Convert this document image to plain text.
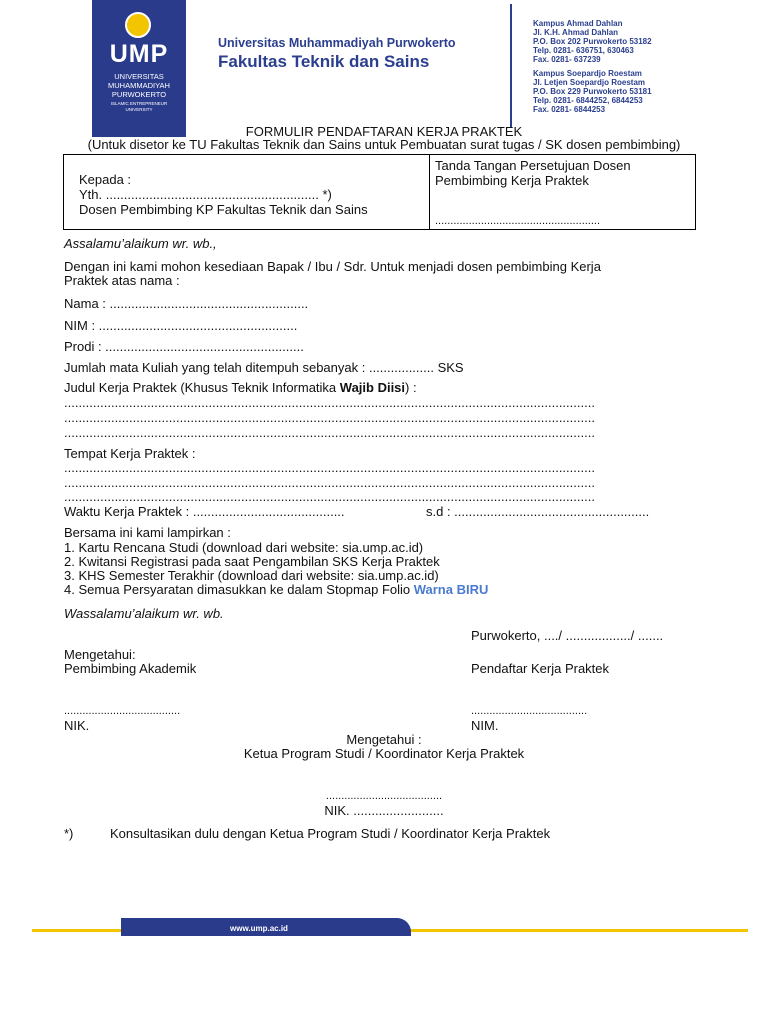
UMP
UNIVERSITAS
MUHAMMADIYAH
PURWOKERTO
ISLAMIC ENTREPRENEUR
UNIVERSITY
Universitas Muhammadiyah Purwokerto
Fakultas Teknik dan Sains
Kampus Ahmad Dahlan
Jl. K.H. Ahmad Dahlan
P.O. Box 202 Purwokerto 53182
Telp. 0281- 636751, 630463
Fax. 0281- 637239
Kampus Soepardjo Roestam
Jl. Letjen Soepardjo Roestam
P.O. Box 229 Purwokerto 53181
Telp. 0281- 6844252, 6844253
Fax. 0281- 6844253
FORMULIR PENDAFTARAN KERJA PRAKTEK
(Untuk disetor ke TU Fakultas Teknik dan Sains untuk Pembuatan surat tugas / SK dosen pembimbing)
Kepada :
Yth. ........................................................... *)
Dosen Pembimbing KP Fakultas Teknik dan Sains
Tanda Tangan Persetujuan Dosen
Pembimbing Kerja Praktek
......................................................
Assalamu’alaikum wr. wb.,
Dengan ini kami mohon kesediaan Bapak / Ibu / Sdr. Untuk menjadi dosen pembimbing Kerja
Praktek atas nama :
Nama : .......................................................
NIM : .......................................................
Prodi : .......................................................
Jumlah mata Kuliah yang telah ditempuh sebanyak : .................. SKS
Judul Kerja Praktek (Khusus Teknik Informatika Wajib Diisi) :
...................................................................................................................................................
...................................................................................................................................................
...................................................................................................................................................
Tempat Kerja Praktek :
...................................................................................................................................................
...................................................................................................................................................
...................................................................................................................................................
Waktu Kerja Praktek : ..........................................	s.d : ......................................................
Bersama ini kami lampirkan :
1. Kartu Rencana Studi (download dari website: sia.ump.ac.id)
2. Kwitansi Registrasi pada saat Pengambilan SKS Kerja Praktek
3. KHS Semester Terakhir (download dari website: sia.ump.ac.id)
4. Semua Persyaratan dimasukkan ke dalam Stopmap Folio Warna BIRU
Wassalamu’alaikum wr. wb.
Purwokerto, ..../ ................../ .......
Mengetahui:
Pembimbing Akademik	Pendaftar Kerja Praktek
......................................	......................................
NIK.	NIM.
Mengetahui :
Ketua Program Studi / Koordinator Kerja Praktek
......................................
NIK. .........................
*)	Konsultasikan dulu dengan Ketua Program Studi / Koordinator Kerja Praktek
www.ump.ac.id
